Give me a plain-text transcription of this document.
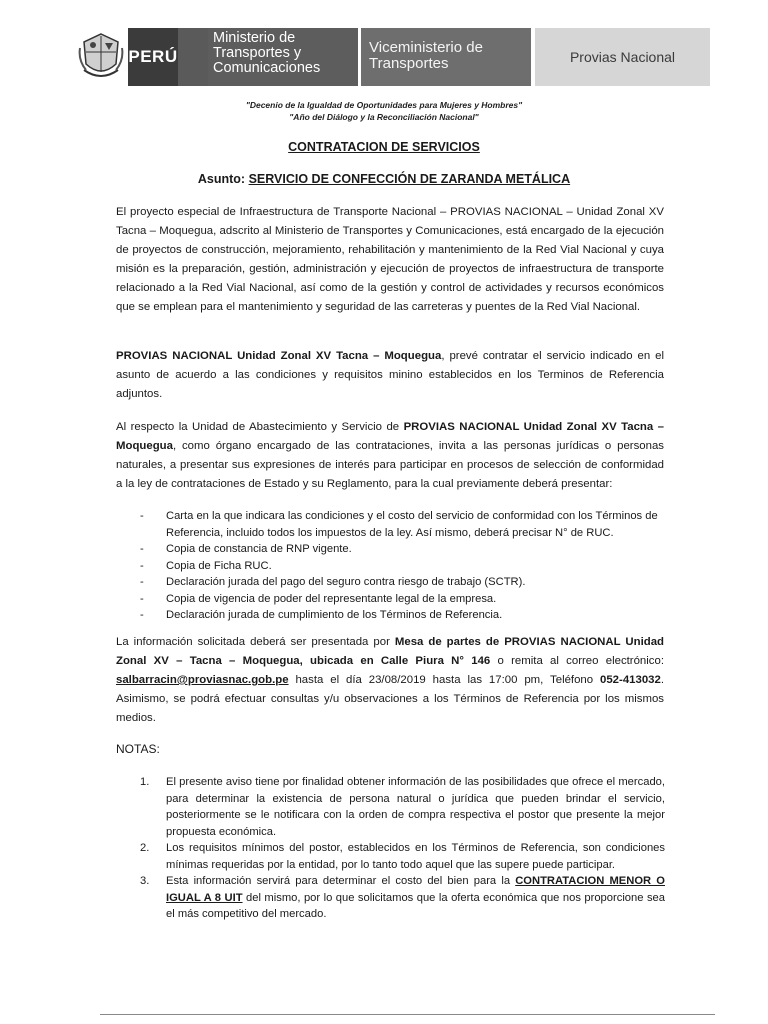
PERÚ
Ministerio de Transportes y Comunicaciones
Viceministerio de Transportes	Provias Nacional
"Decenio de la Igualdad de Oportunidades para Mujeres y Hombres"
"Año del Diálogo y la Reconciliación Nacional"
CONTRATACION DE SERVICIOS
Asunto: SERVICIO DE CONFECCIÓN DE ZARANDA METÁLICA
El proyecto especial de Infraestructura de Transporte Nacional – PROVIAS NACIONAL – Unidad Zonal XV Tacna – Moquegua, adscrito al Ministerio de Transportes y Comunicaciones, está encargado de la ejecución de proyectos de construcción, mejoramiento, rehabilitación y mantenimiento de la Red Vial Nacional y cuya misión es la preparación, gestión, administración y ejecución de proyectos de infraestructura de transporte relacionado a la Red Vial Nacional, así como de la gestión y control de actividades y recursos económicos que se emplean para el mantenimiento y seguridad de las carreteras y puentes de la Red Vial Nacional.
PROVIAS NACIONAL Unidad Zonal XV Tacna – Moquegua, prevé contratar el servicio indicado en el asunto de acuerdo a las condiciones y requisitos minino establecidos en los Terminos de Referencia adjuntos.
Al respecto la Unidad de Abastecimiento y Servicio de PROVIAS NACIONAL Unidad Zonal XV Tacna – Moquegua, como órgano encargado de las contrataciones, invita a las personas jurídicas o personas naturales, a presentar sus expresiones de interés para participar en procesos de selección de conformidad a la ley de contrataciones de Estado y su Reglamento, para la cual previamente deberá presentar:
- Carta en la que indicara las condiciones y el costo del servicio de conformidad con los Términos de Referencia, incluido todos los impuestos de la ley. Así mismo, deberá precisar N° de RUC.
- Copia de constancia de RNP vigente.
- Copia de Ficha RUC.
- Declaración jurada del pago del seguro contra riesgo de trabajo (SCTR).
- Copia de vigencia de poder del representante legal de la empresa.
- Declaración jurada de cumplimiento de los Términos de Referencia.
La información solicitada deberá ser presentada por Mesa de partes de PROVIAS NACIONAL Unidad Zonal XV – Tacna – Moquegua, ubicada en Calle Piura N° 146 o remita al correo electrónico: salbarracin@proviasnac.gob.pe hasta el día 23/08/2019 hasta las 17:00 pm, Teléfono 052-413032. Asimismo, se podrá efectuar consultas y/u observaciones a los Términos de Referencia por los mismos medios.
NOTAS:
1. El presente aviso tiene por finalidad obtener información de las posibilidades que ofrece el mercado, para determinar la existencia de persona natural o jurídica que pueden brindar el servicio, posteriormente se le notificara con la orden de compra respectiva el postor que presente la mejor propuesta económica.
2. Los requisitos mínimos del postor, establecidos en los Términos de Referencia, son condiciones mínimas requeridas por la entidad, por lo tanto todo aquel que las supere puede participar.
3. Esta información servirá para determinar el costo del bien para la CONTRATACION MENOR O IGUAL A 8 UIT del mismo, por lo que solicitamos que la oferta económica que nos proporcione sea el más competitivo del mercado.
